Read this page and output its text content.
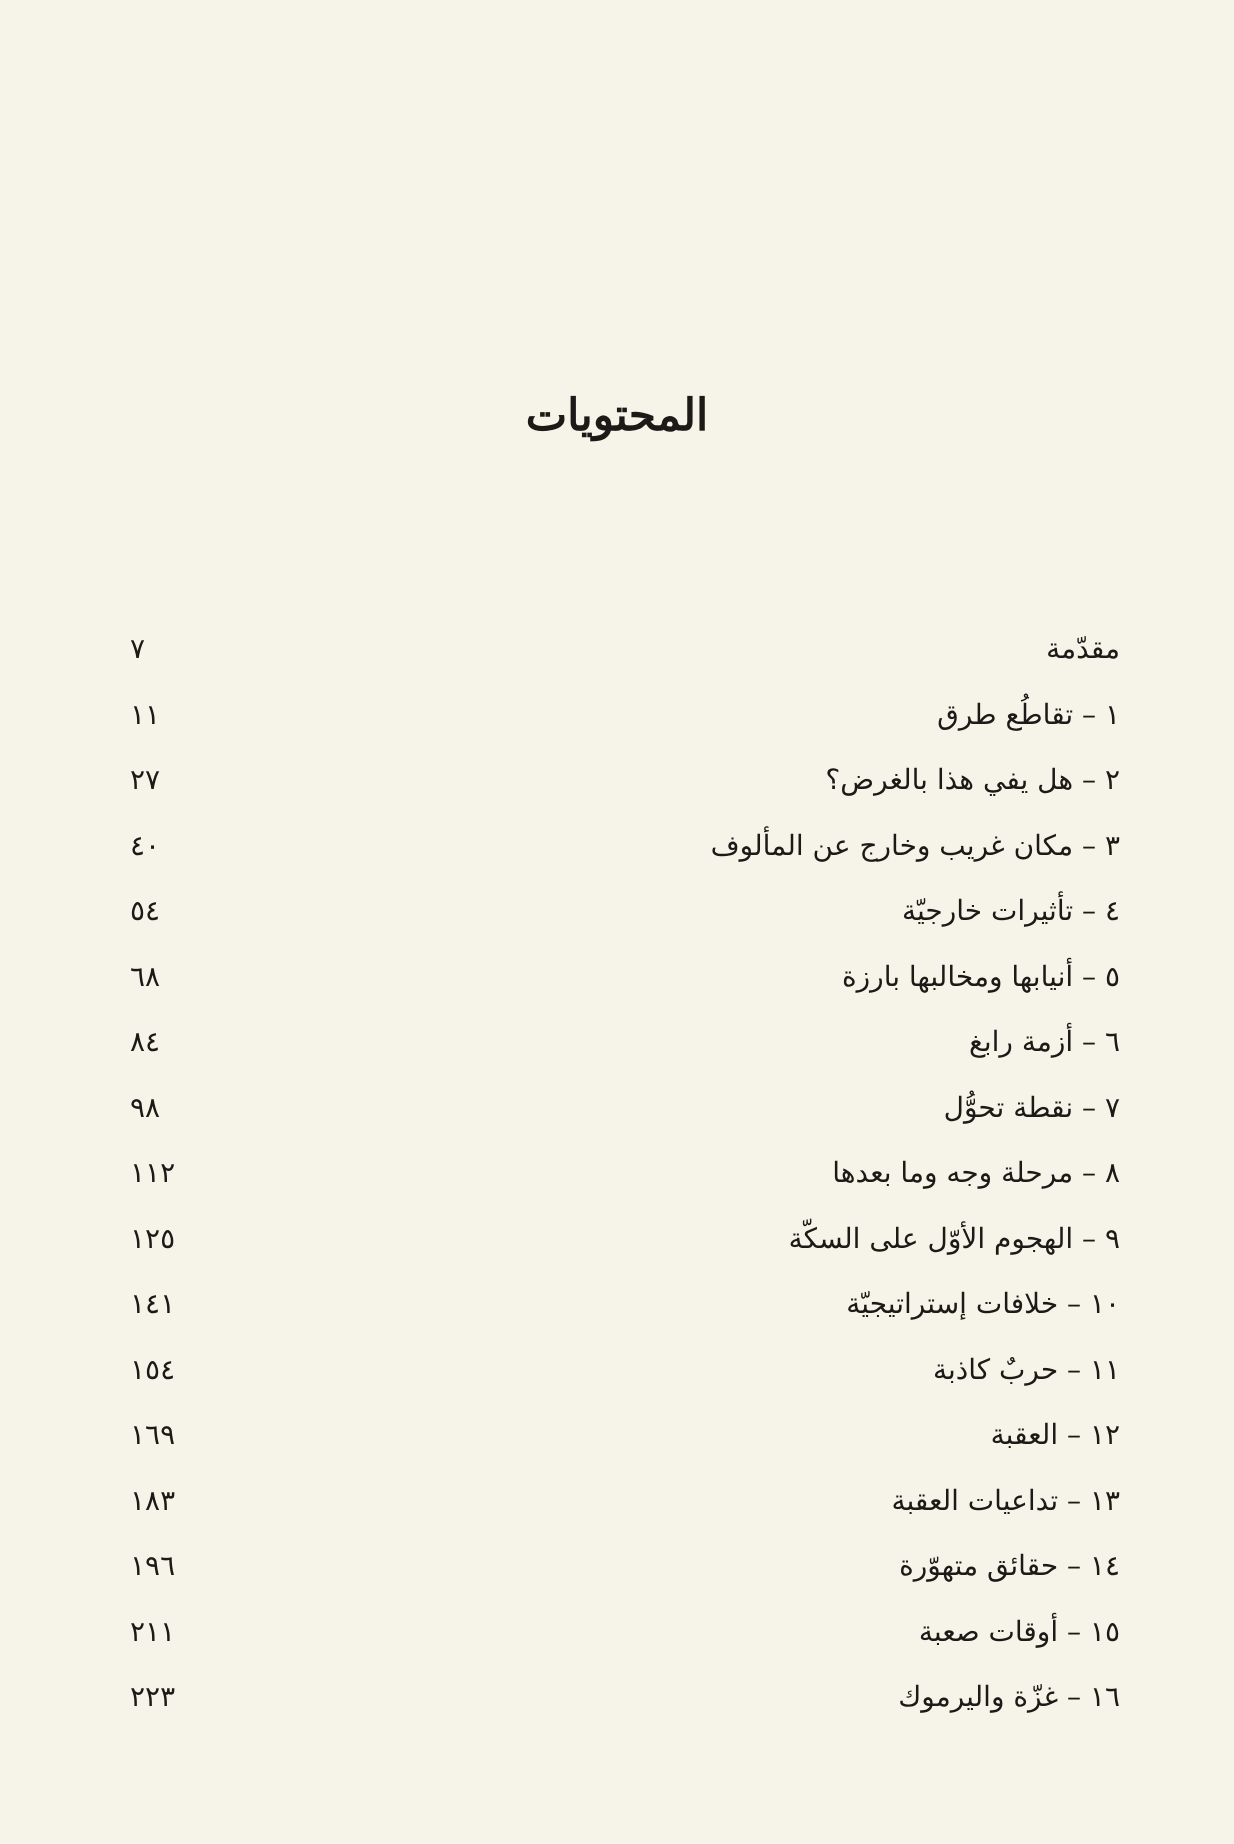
المحتويات
٧	مقدّمة
١١	١ – تقاطُع طرق
٢٧	٢ – هل يفي هذا بالغرض؟
٤٠	٣ – مكان غريب وخارج عن المألوف
٥٤	٤ – تأثيرات خارجيّة
٦٨	٥ – أنيابها ومخالبها بارزة
٨٤	٦ – أزمة رابغ
٩٨	٧ – نقطة تحوُّل
١١٢	٨ – مرحلة وجه وما بعدها
١٢٥	٩ – الهجوم الأوّل على السكّة
١٤١	١٠ – خلافات إستراتيجيّة
١٥٤	١١ – حربٌ كاذبة
١٦٩	١٢ – العقبة
١٨٣	١٣ – تداعيات العقبة
١٩٦	١٤ – حقائق متهوّرة
٢١١	١٥ – أوقات صعبة
٢٢٣	١٦ – غزّة واليرموك
